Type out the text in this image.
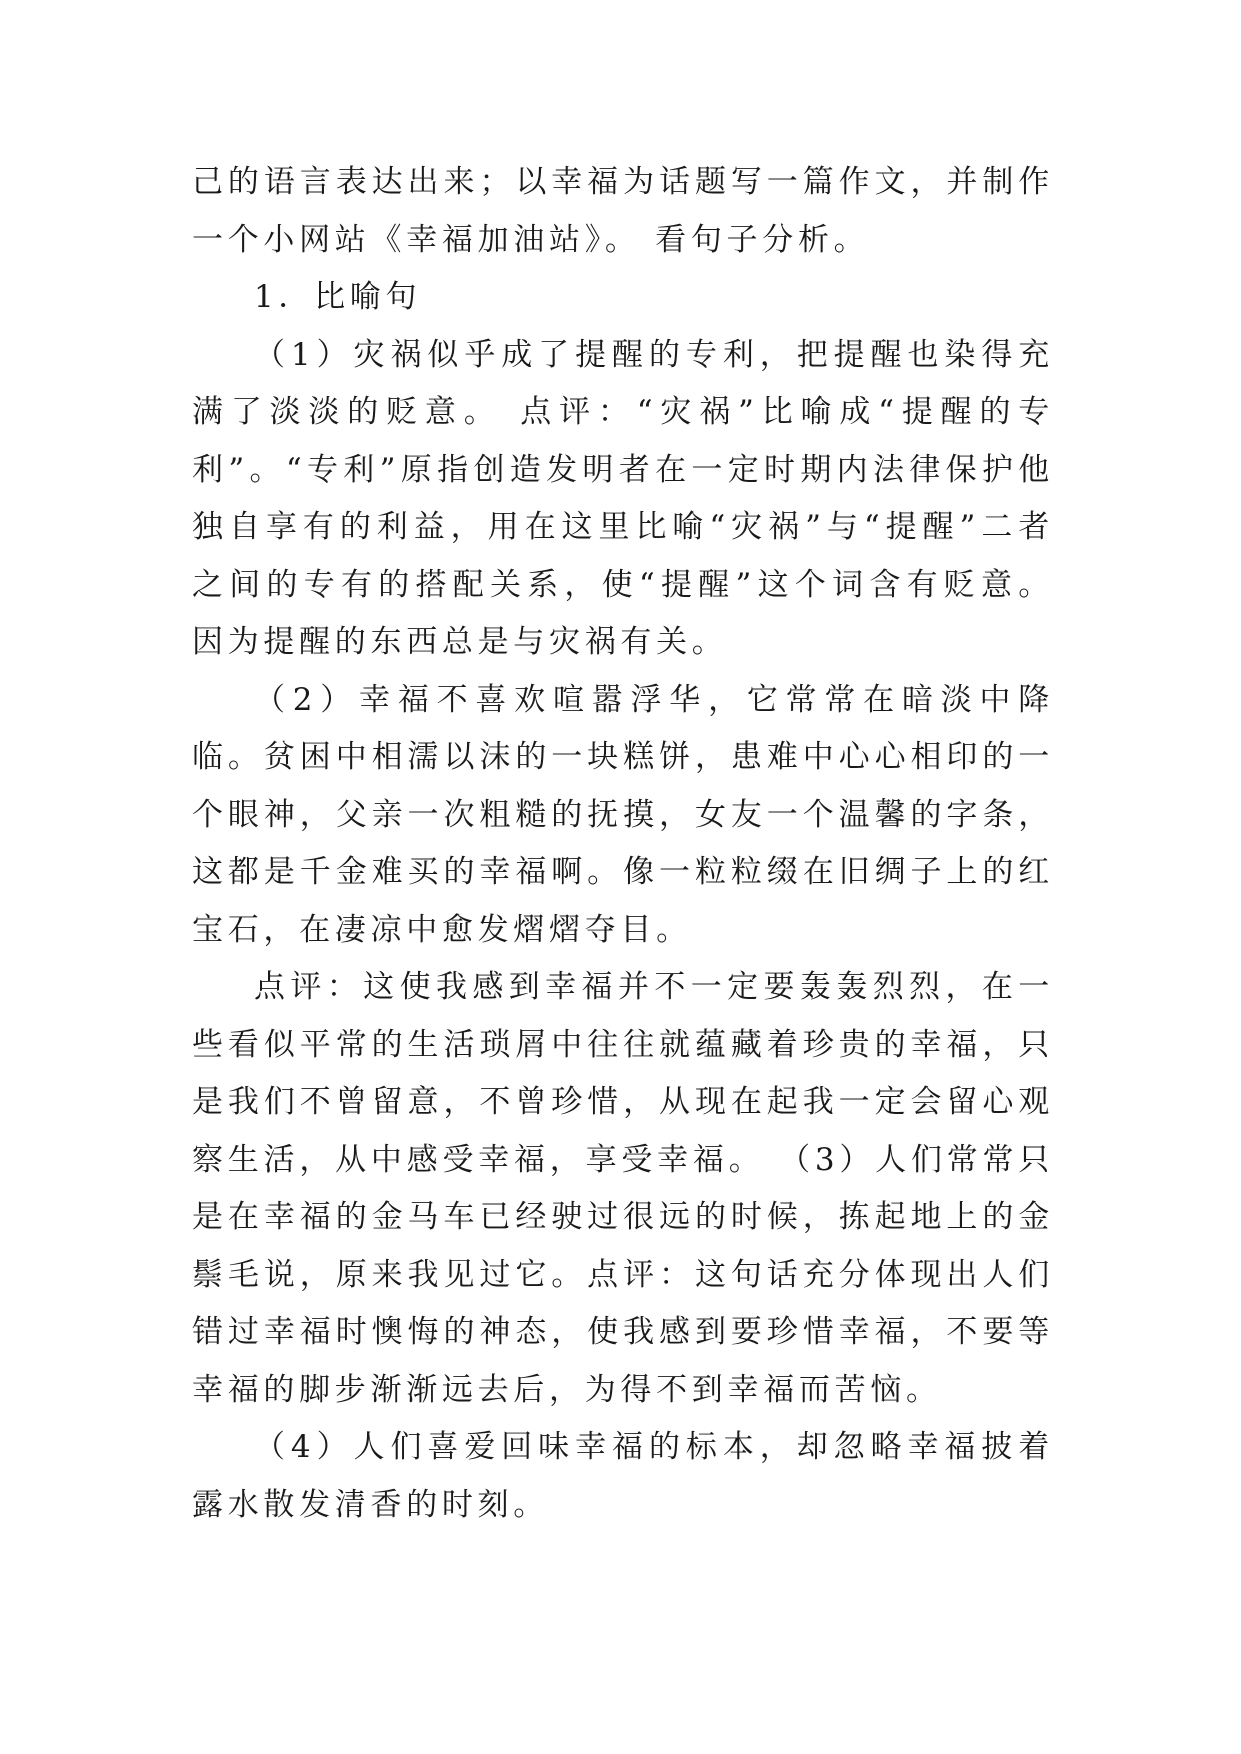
己的语言表达出来；以幸福为话题写一篇作文，并制作一个小网站《幸福加油站》。 看句子分析。

1．比喻句

（1）灾祸似乎成了提醒的专利，把提醒也染得充满了淡淡的贬意。 点评：“灾祸”比喻成“提醒的专利”。“专利”原指创造发明者在一定时期内法律保护他独自享有的利益，用在这里比喻“灾祸”与“提醒”二者之间的专有的搭配关系，使“提醒”这个词含有贬意。因为提醒的东西总是与灾祸有关。

（2）幸福不喜欢喧嚣浮华，它常常在暗淡中降临。贫困中相濡以沫的一块糕饼，患难中心心相印的一个眼神，父亲一次粗糙的抚摸，女友一个温馨的字条，这都是千金难买的幸福啊。像一粒粒缀在旧绸子上的红宝石，在凄凉中愈发熠熠夺目。

点评：这使我感到幸福并不一定要轰轰烈烈，在一些看似平常的生活琐屑中往往就蕴藏着珍贵的幸福，只是我们不曾留意，不曾珍惜，从现在起我一定会留心观察生活，从中感受幸福，享受幸福。 （3）人们常常只是在幸福的金马车已经驶过很远的时候，拣起地上的金鬃毛说，原来我见过它。点评：这句话充分体现出人们错过幸福时懊悔的神态，使我感到要珍惜幸福，不要等幸福的脚步渐渐远去后，为得不到幸福而苦恼。

（4）人们喜爱回味幸福的标本，却忽略幸福披着露水散发清香的时刻。
